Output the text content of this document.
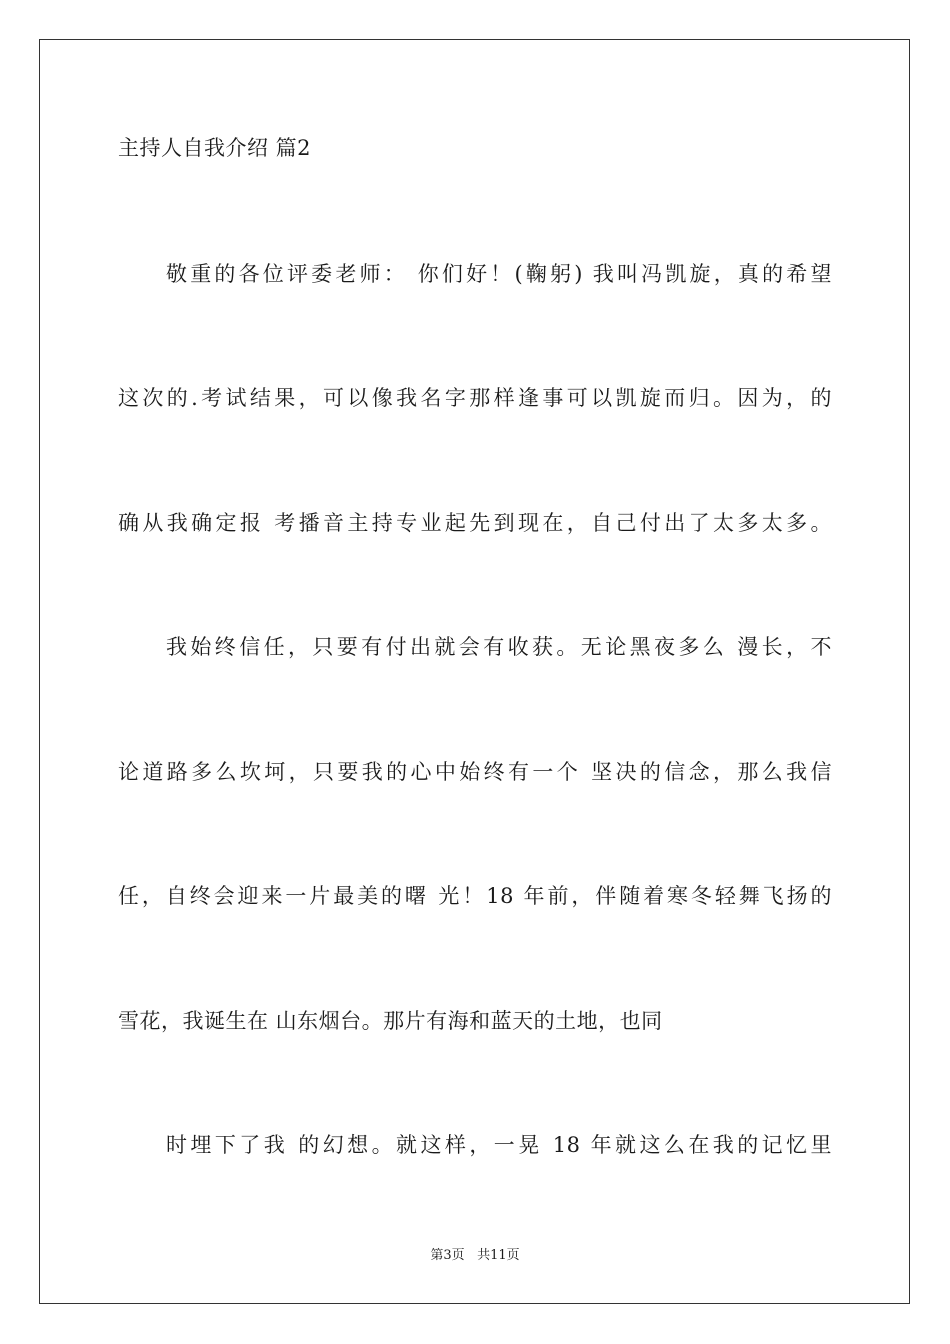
主持人自我介绍 篇2
敬重的各位评委老师： 你们好！(鞠躬) 我叫冯凯旋，真的希望
这次的.考试结果，可以像我名字那样逢事可以凯旋而归。因为，的
确从我确定报 考播音主持专业起先到现在，自己付出了太多太多。
我始终信任，只要有付出就会有收获。无论黑夜多么 漫长，不
论道路多么坎坷，只要我的心中始终有一个 坚决的信念，那么我信
任，自终会迎来一片最美的曙 光！18 年前，伴随着寒冬轻舞飞扬的
雪花，我诞生在 山东烟台。那片有海和蓝天的土地，也同
时埋下了我 的幻想。就这样，一晃 18 年就这么在我的记忆里
第3页 共11页
